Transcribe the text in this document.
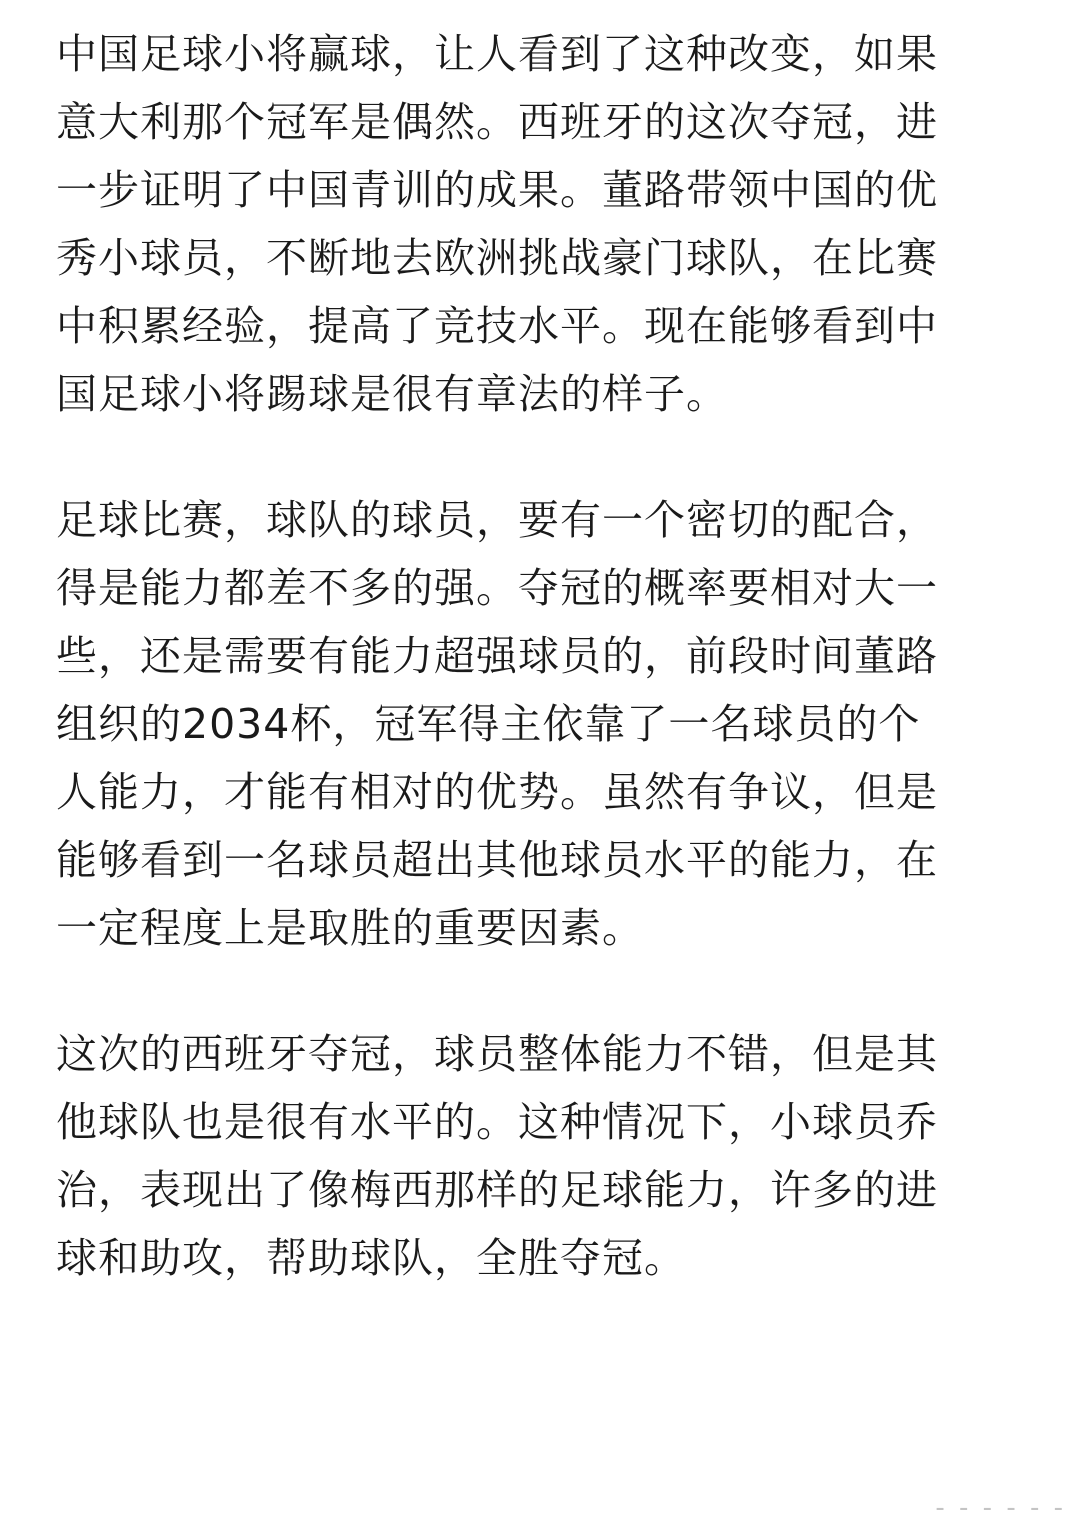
中国足球小将赢球，让人看到了这种改变，如果
意大利那个冠军是偶然。西班牙的这次夺冠，进
一步证明了中国青训的成果。董路带领中国的优
秀小球员，不断地去欧洲挑战豪门球队，在比赛
中积累经验，提高了竞技水平。现在能够看到中
国足球小将踢球是很有章法的样子。
足球比赛，球队的球员，要有一个密切的配合，
得是能力都差不多的强。夺冠的概率要相对大一
些，还是需要有能力超强球员的，前段时间董路
组织的2034杯，冠军得主依靠了一名球员的个
人能力，才能有相对的优势。虽然有争议，但是
能够看到一名球员超出其他球员水平的能力，在
一定程度上是取胜的重要因素。
这次的西班牙夺冠，球员整体能力不错，但是其
他球队也是很有水平的。这种情况下，小球员乔
治，表现出了像梅西那样的足球能力，许多的进
球和助攻，帮助球队，全胜夺冠。
- - - - - -
